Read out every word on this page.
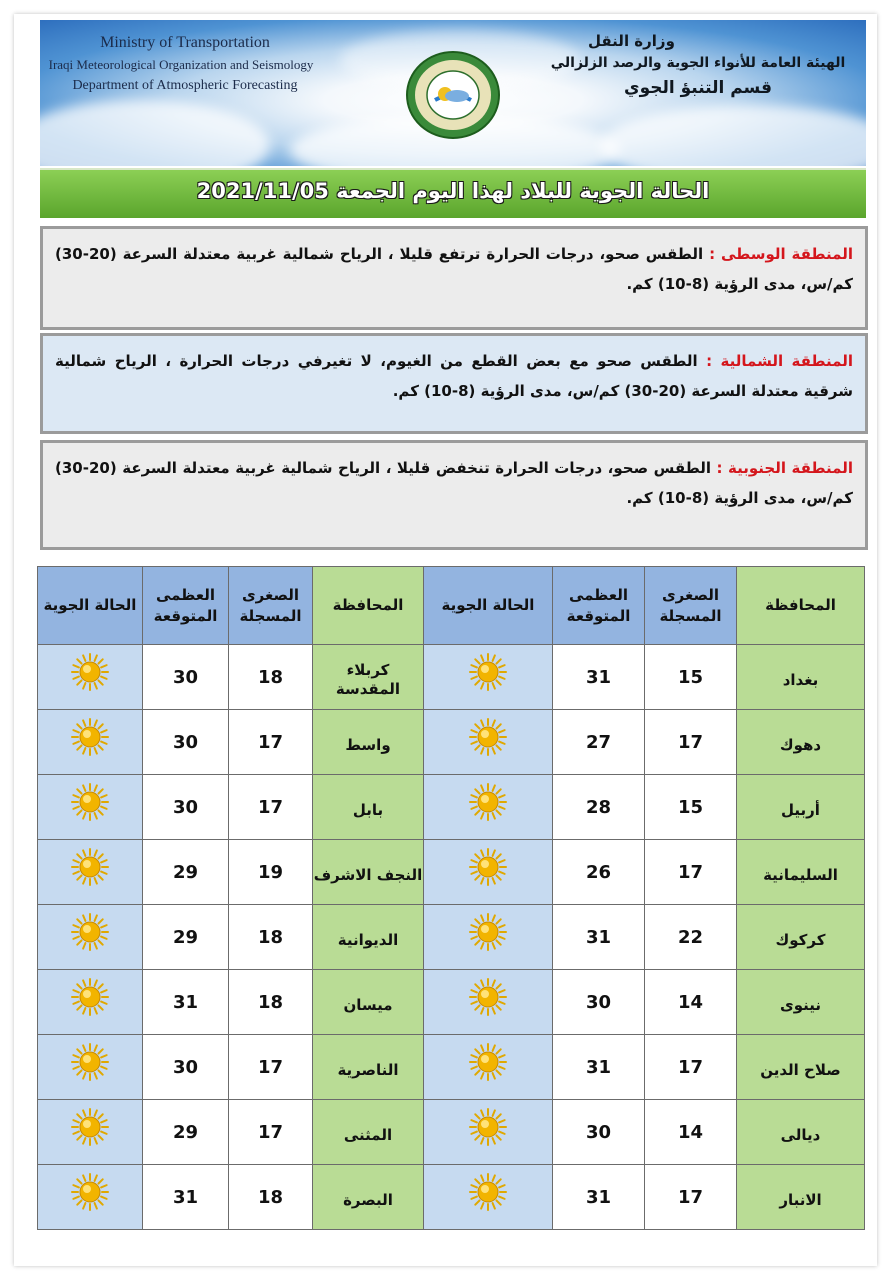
Ministry of Transportation
Iraqi Meteorological Organization and Seismology
Department of Atmospheric Forecasting
وزارة النقل
الهيئة العامة للأنواء الجوية والرصد الزلزالي
قسم التنبؤ الجوي
الحالة الجوية للبلاد لهذا اليوم الجمعة 2021/11/05
المنطقة الوسطى : الطقس صحو، درجات الحرارة ترتفع قليلا ، الرياح شمالية غربية معتدلة السرعة (20-30) كم/س، مدى الرؤية (8-10) كم.
المنطقة الشمالية : الطقس صحو مع بعض القطع من الغيوم، لا تغيرفي درجات الحرارة ، الرياح شمالية شرقية معتدلة السرعة (20-30) كم/س، مدى الرؤية (8-10) كم.
المنطقة الجنوبية : الطقس صحو، درجات الحرارة تنخفض قليلا ، الرياح شمالية غربية معتدلة السرعة (20-30) كم/س، مدى الرؤية (8-10) كم.
الحالة الجوية	العظمى المتوقعة	الصغرى المسجلة	المحافظة	الحالة الجوية	العظمى المتوقعة	الصغرى المسجلة	المحافظة

	30	18	كربلاء المقدسة		31	15	بغداد

	30	17	واسط		27	17	دهوك

	30	17	بابل		28	15	أربيل

	29	19	النجف الاشرف		26	17	السليمانية

	29	18	الديوانية		31	22	كركوك

	31	18	ميسان		30	14	نينوى

	30	17	الناصرية		31	17	صلاح الدين

	29	17	المثنى		30	14	ديالى

	31	18	البصرة		31	17	الانبار
